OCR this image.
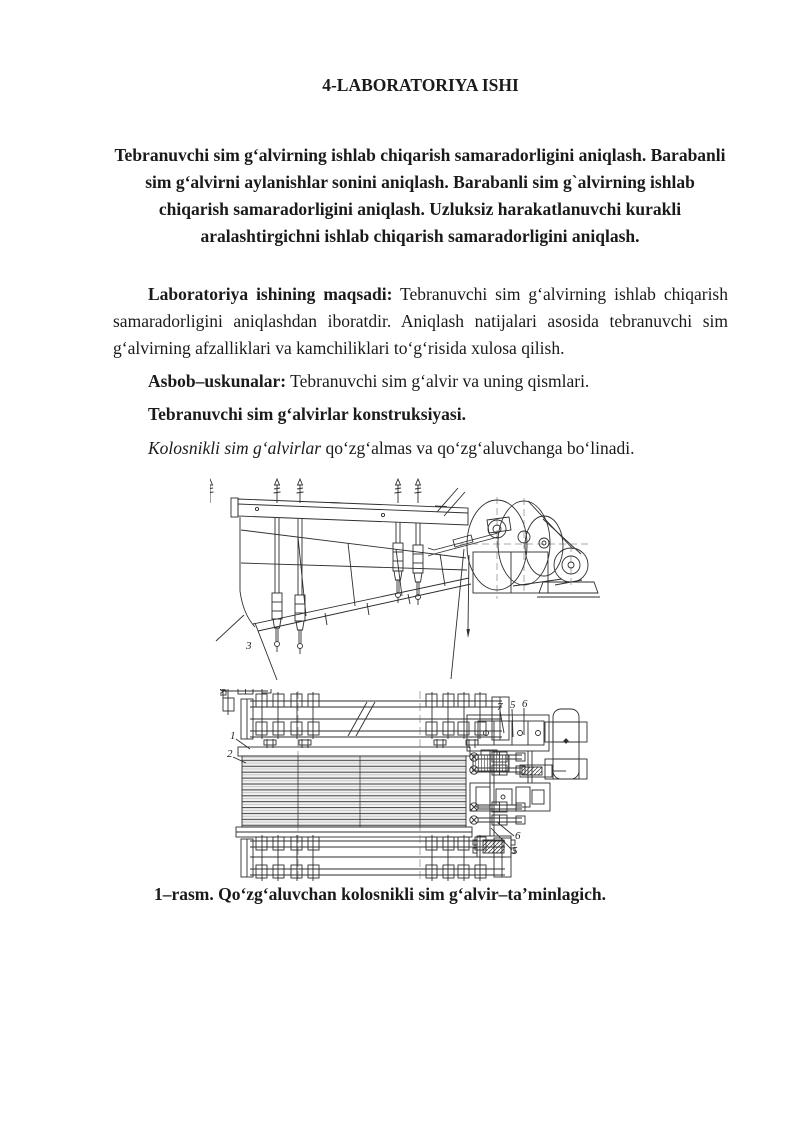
4-LABORATORIYA ISHI
Tebranuvchi sim g‘alvirning ishlab chiqarish samaradorligini aniqlash. Barabanli sim g‘alvirni aylanishlar sonini aniqlash. Barabanli sim g`alvirning ishlab chiqarish samaradorligini aniqlash. Uzluksiz harakatlanuvchi kurakli aralashtirgichni ishlab chiqarish samaradorligini aniqlash.

Laboratoriya ishining maqsadi: Tebranuvchi sim g‘alvirning ishlab chiqarish samaradorligini aniqlashdan iboratdir. Aniqlash natijalari asosida tebranuvchi sim g‘alvirning afzalliklari va kamchiliklari to‘g‘risida xulosa qilish.

Asbob–uskunalar: Tebranuvchi sim g‘alvir va uning qismlari.

Tebranuvchi sim g‘alvirlar konstruksiyasi.

Kolosnikli sim g‘alvirlar qo‘zg‘almas va qo‘zg‘aluvchanga bo‘linadi.

3
1
2
7 5 6
6
5
1–rasm. Qo‘zg‘aluvchan kolosnikli sim g‘alvir–ta’minlagich.
